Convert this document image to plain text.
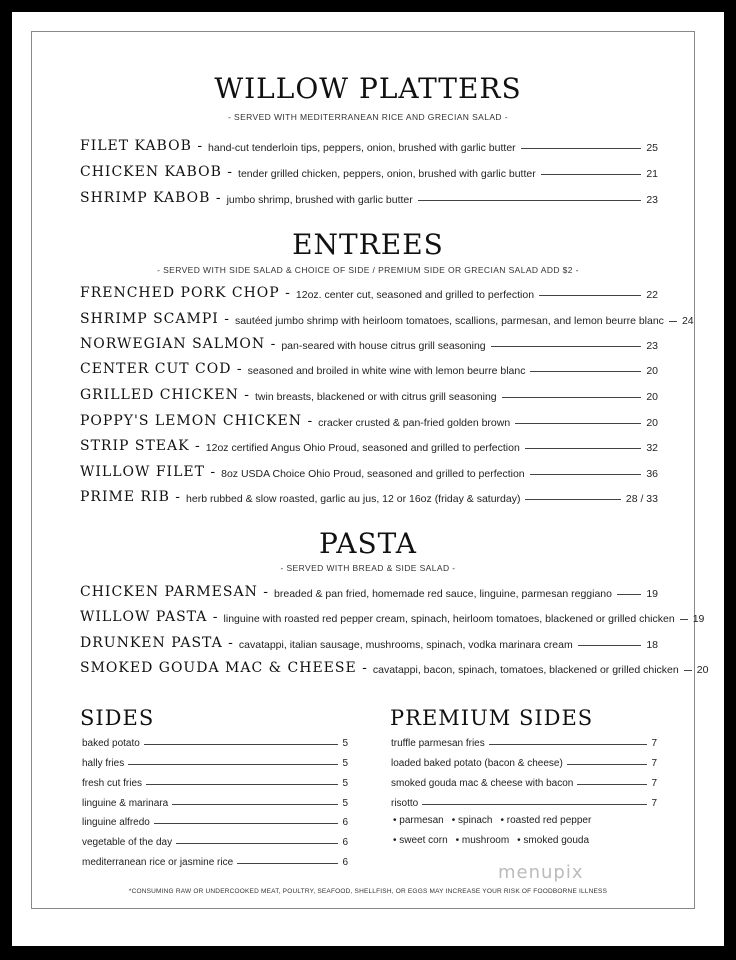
WILLOW PLATTERS
- SERVED WITH MEDITERRANEAN RICE AND GRECIAN SALAD -
FILET KABOB - hand-cut tenderloin tips, peppers, onion, brushed with garlic butter	25
CHICKEN KABOB - tender grilled chicken, peppers, onion, brushed with garlic butter	21
SHRIMP KABOB - jumbo shrimp, brushed with garlic butter	23
ENTREES
- SERVED WITH SIDE SALAD & CHOICE OF SIDE / PREMIUM SIDE OR GRECIAN SALAD ADD $2 -
FRENCHED PORK CHOP - 12oz. center cut, seasoned and grilled to perfection	22
SHRIMP SCAMPI - sautéed jumbo shrimp with heirloom tomatoes, scallions, parmesan, and lemon beurre blanc 24
NORWEGIAN SALMON - pan-seared with house citrus grill seasoning	23
CENTER CUT COD - seasoned and broiled in white wine with lemon beurre blanc	20
GRILLED CHICKEN - twin breasts, blackened or with citrus grill seasoning	20
POPPY'S LEMON CHICKEN - cracker crusted & pan-fried golden brown	20
STRIP STEAK - 12oz certified Angus Ohio Proud, seasoned and grilled to perfection	32
WILLOW FILET - 8oz USDA Choice Ohio Proud, seasoned and grilled to perfection	36
PRIME RIB - herb rubbed & slow roasted, garlic au jus, 12 or 16oz (friday & saturday)	28 / 33
PASTA
- SERVED WITH BREAD & SIDE SALAD -
CHICKEN PARMESAN - breaded & pan fried, homemade red sauce, linguine, parmesan reggiano	19
WILLOW PASTA - linguine with roasted red pepper cream, spinach, heirloom tomatoes, blackened or grilled chicken 19
DRUNKEN PASTA - cavatappi, italian sausage, mushrooms, spinach, vodka marinara cream	18
SMOKED GOUDA MAC & CHEESE - cavatappi, bacon, spinach, tomatoes, blackened or grilled chicken 20
SIDES
baked potato	5
hally fries	5
fresh cut fries	5
linguine & marinara	5
linguine alfredo	6
vegetable of the day	6
mediterranean rice or jasmine rice	6
PREMIUM SIDES
truffle parmesan fries	7
loaded baked potato (bacon & cheese)	7
smoked gouda mac & cheese with bacon	7
risotto	7
• parmesan • spinach • roasted red pepper
• sweet corn • mushroom • smoked gouda
menupix
*CONSUMING RAW OR UNDERCOOKED MEAT, POULTRY, SEAFOOD, SHELLFISH, OR EGGS MAY INCREASE YOUR RISK OF FOODBORNE ILLNESS
